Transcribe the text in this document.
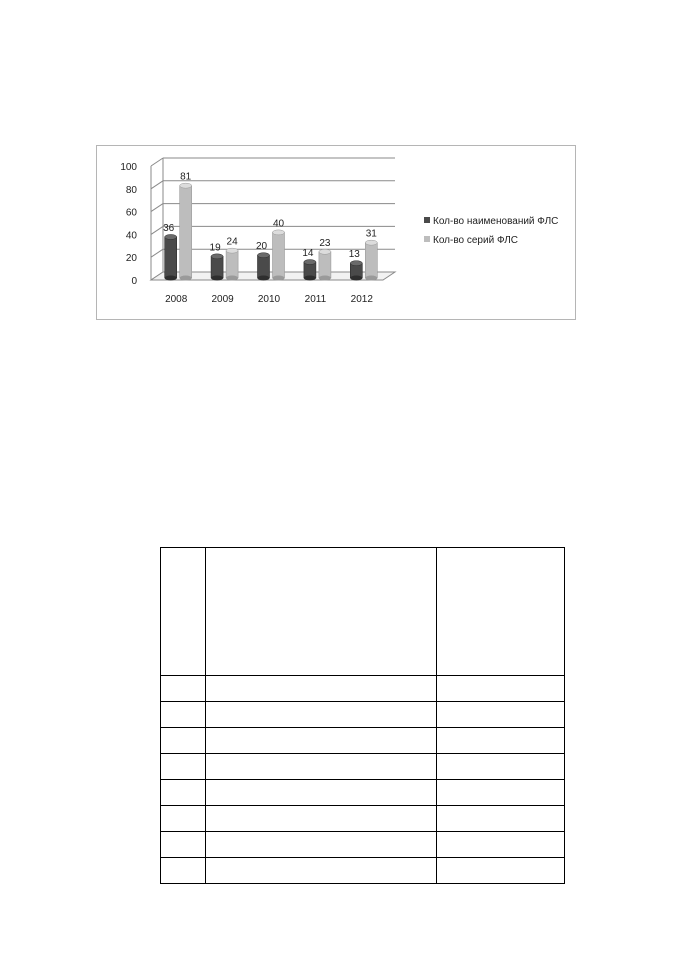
0
20
40
60
80
100
36
81
19
24 20
40
14
23
13
31
2008 2009 2010 2011 2012
Кол-во наименований ФЛС
Кол-во серий ФЛС
